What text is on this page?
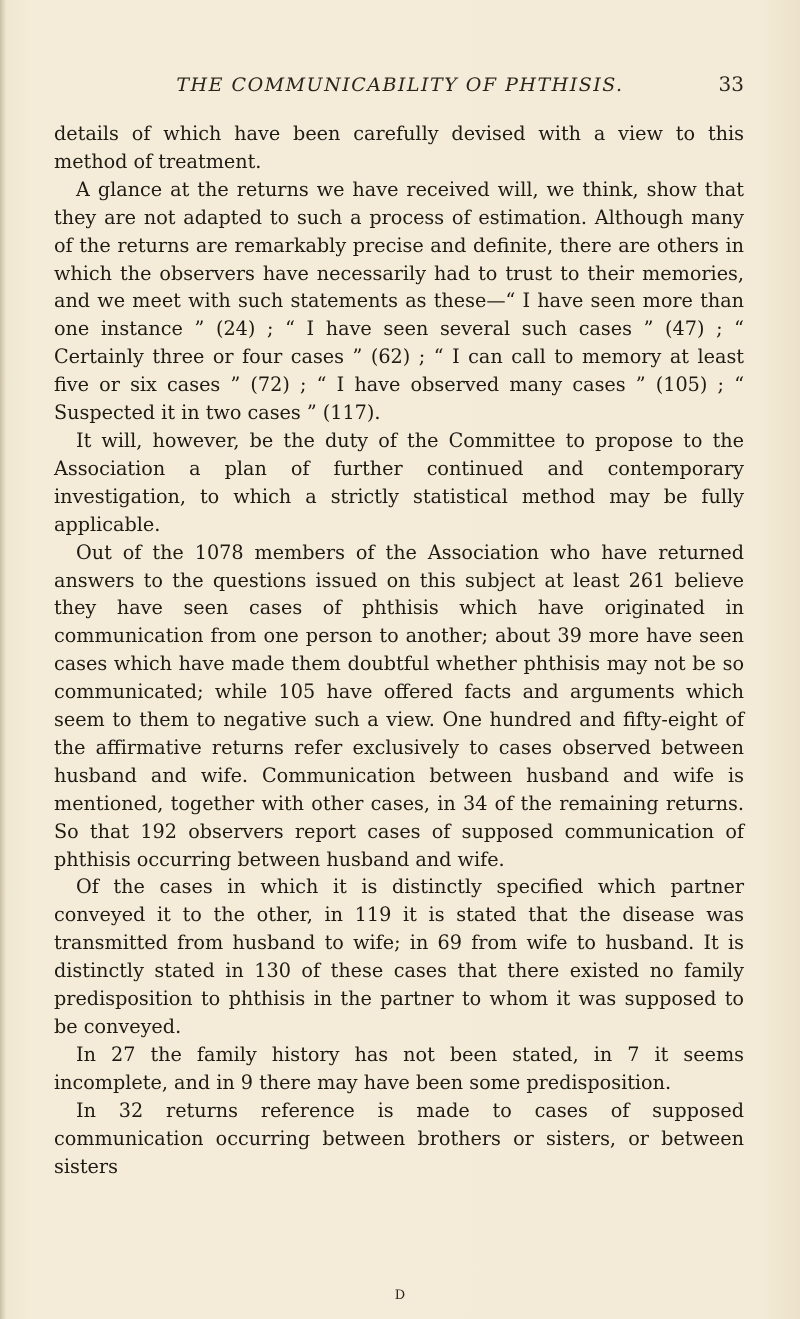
THE COMMUNICABILITY OF PHTHISIS.	33

details of which have been carefully devised with a view to this method of treatment.

A glance at the returns we have received will, we think, show that they are not adapted to such a process of estimation. Although many of the returns are remarkably precise and definite, there are others in which the observers have necessarily had to trust to their memories, and we meet with such statements as these—“ I have seen more than one instance ” (24) ; “ I have seen several such cases ” (47) ; “ Certainly three or four cases ” (62) ; “ I can call to memory at least five or six cases ” (72) ; “ I have observed many cases ” (105) ; “ Suspected it in two cases ” (117).

It will, however, be the duty of the Committee to propose to the Association a plan of further continued and contemporary investigation, to which a strictly statistical method may be fully applicable.

Out of the 1078 members of the Association who have returned answers to the questions issued on this subject at least 261 believe they have seen cases of phthisis which have originated in communication from one person to another; about 39 more have seen cases which have made them doubtful whether phthisis may not be so communicated; while 105 have offered facts and arguments which seem to them to negative such a view. One hundred and fifty-eight of the affirmative returns refer exclusively to cases observed between husband and wife. Communication between husband and wife is mentioned, together with other cases, in 34 of the remaining returns. So that 192 observers report cases of supposed communication of phthisis occurring between husband and wife.

Of the cases in which it is distinctly specified which partner conveyed it to the other, in 119 it is stated that the disease was transmitted from husband to wife; in 69 from wife to husband. It is distinctly stated in 130 of these cases that there existed no family predisposition to phthisis in the partner to whom it was supposed to be conveyed.

In 27 the family history has not been stated, in 7 it seems incomplete, and in 9 there may have been some predisposition.

In 32 returns reference is made to cases of supposed communication occurring between brothers or sisters, or between sisters

D
